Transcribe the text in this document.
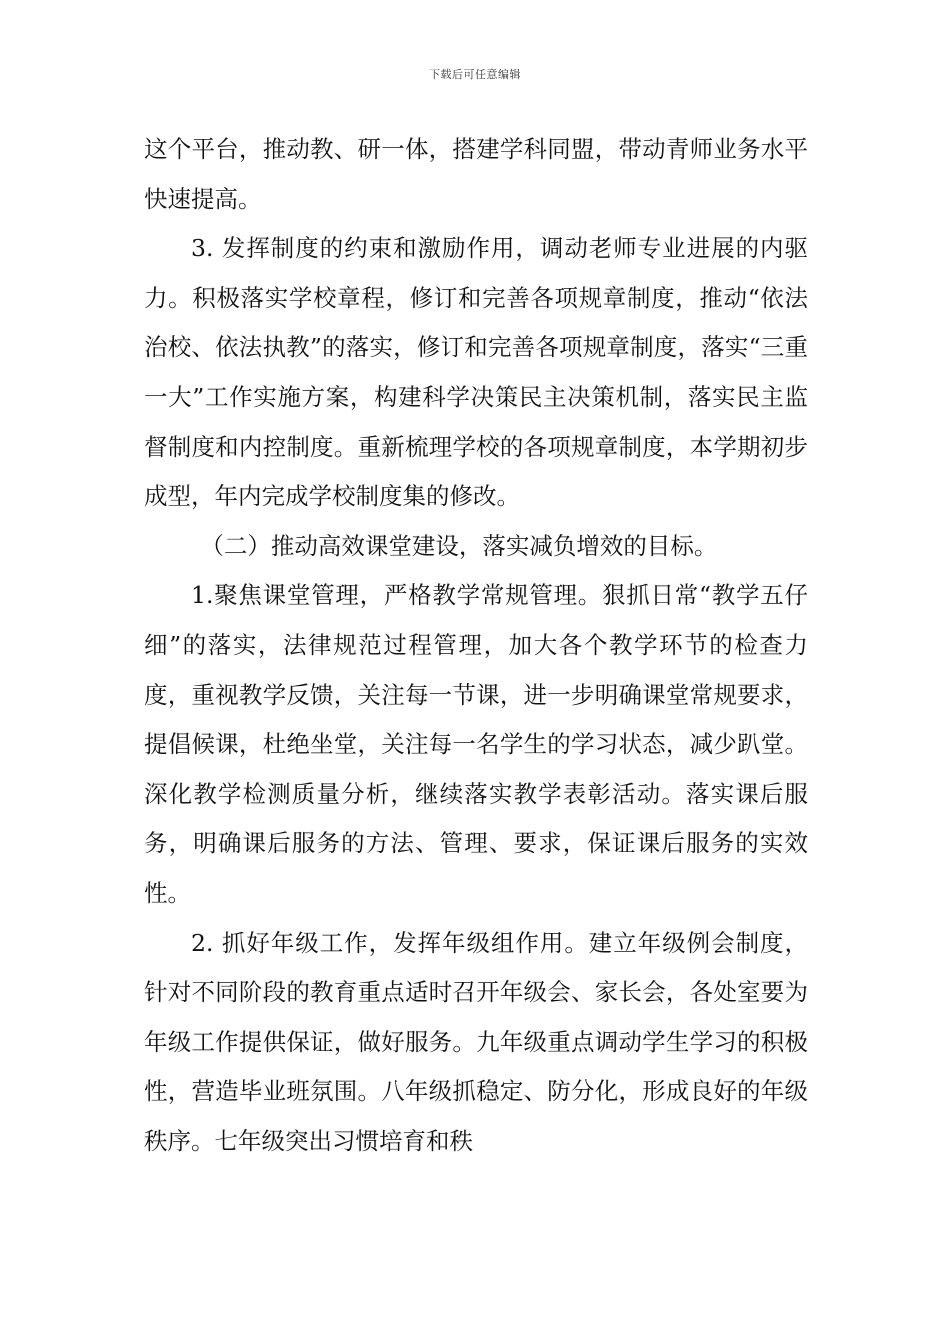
下载后可任意编辑

这个平台，推动教、研一体，搭建学科同盟，带动青师业务水平快速提高。

3. 发挥制度的约束和激励作用，调动老师专业进展的内驱力。积极落实学校章程，修订和完善各项规章制度，推动“依法治校、依法执教”的落实，修订和完善各项规章制度，落实“三重一大”工作实施方案，构建科学决策民主决策机制，落实民主监督制度和内控制度。重新梳理学校的各项规章制度，本学期初步成型，年内完成学校制度集的修改。

（二）推动高效课堂建设，落实减负增效的目标。

1.聚焦课堂管理，严格教学常规管理。狠抓日常“教学五仔细”的落实，法律规范过程管理，加大各个教学环节的检查力度，重视教学反馈，关注每一节课，进一步明确课堂常规要求，提倡候课，杜绝坐堂，关注每一名学生的学习状态，减少趴堂。深化教学检测质量分析，继续落实教学表彰活动。落实课后服务，明确课后服务的方法、管理、要求，保证课后服务的实效性。

2. 抓好年级工作，发挥年级组作用。建立年级例会制度，针对不同阶段的教育重点适时召开年级会、家长会，各处室要为年级工作提供保证，做好服务。九年级重点调动学生学习的积极性，营造毕业班氛围。八年级抓稳定、防分化，形成良好的年级秩序。七年级突出习惯培育和秩
